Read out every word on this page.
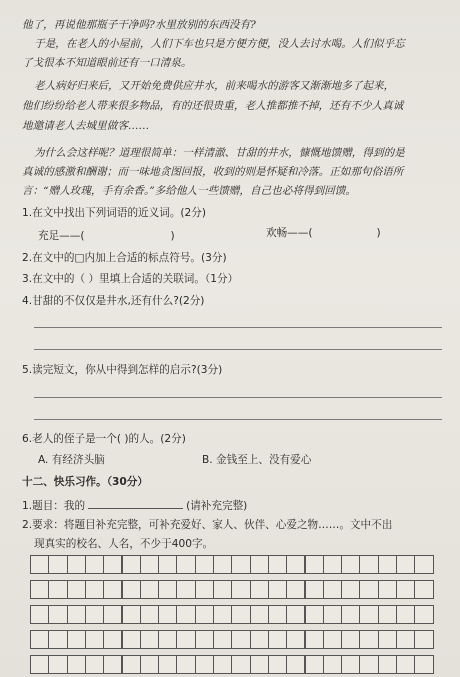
他了，再说他那瓶子干净吗?水里放别的东西没有?
于是，在老人的小屋前，人们下车也只是方便方便，没人去讨水喝。人们似乎忘
了戈很本不知道眼前还有一口清泉。
老人病好归来后，又开始免费供应井水，前来喝水的游客又渐渐地多了起来，
他们纷纷给老人带来很多物品，有的还很贵重，老人推都推不掉，还有不少人真诚
地邀请老人去城里做客……
为什么会这样呢？道理很简单：一样清澈、甘甜的井水，慷慨地馈赠，得到的是
真诚的感激和酬谢；而一味地贪图回报，收到的则是怀疑和冷落。正如那句俗语所
言：“赠人玫瑰，手有余香。”多给他人一些馈赠，自己也必将得到回馈。
1.在文中找出下列词语的近义词。(2分)
充足——(	)	欢畅——(	)
2.在文中的□内加上合适的标点符号。(3分)
3.在文中的（ ）里填上合适的关联词。（1分）
4.甘甜的不仅仅是井水,还有什么?(2分)
5.读完短文，你从中得到怎样的启示?(3分)
6.老人的侄子是一个( )的人。(2分)
A. 有经济头脑	B. 金钱至上、没有爱心
十二、快乐习作。（30分）
1.题目：我的	(请补充完整)
2.要求：将题目补充完整，可补充爱好、家人、伙伴、心爱之物……。文中不出
现真实的校名、人名，不少于400字。
